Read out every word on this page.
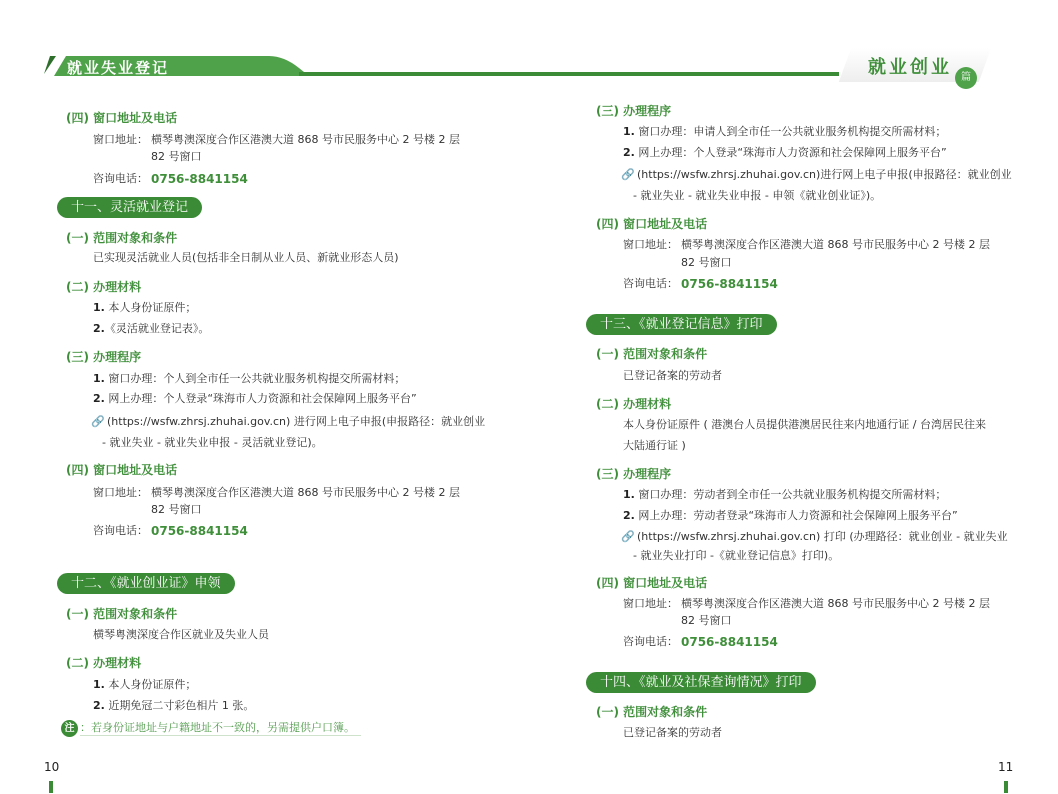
就业失业登记	就业创业 篇
(四) 窗口地址及电话
窗口地址： 横琴粤澳深度合作区港澳大道 868 号市民服务中心 2 号楼 2 层
82 号窗口
咨询电话： 0756-8841154
十一、灵活就业登记
(一) 范围对象和条件
已实现灵活就业人员(包括非全日制从业人员、新就业形态人员)
(二) 办理材料
1. 本人身份证原件；
2.《灵活就业登记表》。
(三) 办理程序
1. 窗口办理：个人到全市任一公共就业服务机构提交所需材料；
2. 网上办理：个人登录“珠海市人力资源和社会保障网上服务平台”
🔗 (https://wsfw.zhrsj.zhuhai.gov.cn) 进行网上电子申报(申报路径：就业创业
- 就业失业 - 就业失业申报 - 灵活就业登记)。
(四) 窗口地址及电话
窗口地址： 横琴粤澳深度合作区港澳大道 868 号市民服务中心 2 号楼 2 层
82 号窗口
咨询电话： 0756-8841154
十二、《就业创业证》申领
(一) 范围对象和条件
横琴粤澳深度合作区就业及失业人员
(二) 办理材料
1. 本人身份证原件；
2. 近期免冠二寸彩色相片 1 张。
注 ：若身份证地址与户籍地址不一致的，另需提供户口簿。
10
(三) 办理程序
1. 窗口办理：申请人到全市任一公共就业服务机构提交所需材料；
2. 网上办理：个人登录“珠海市人力资源和社会保障网上服务平台”
🔗 (https://wsfw.zhrsj.zhuhai.gov.cn)进行网上电子申报(申报路径：就业创业
- 就业失业 - 就业失业申报 - 申领《就业创业证》)。
(四) 窗口地址及电话
窗口地址： 横琴粤澳深度合作区港澳大道 868 号市民服务中心 2 号楼 2 层
82 号窗口
咨询电话： 0756-8841154
十三、《就业登记信息》打印
(一) 范围对象和条件
已登记备案的劳动者
(二) 办理材料
本人身份证原件 ( 港澳台人员提供港澳居民往来内地通行证 / 台湾居民往来
大陆通行证 )
(三) 办理程序
1. 窗口办理：劳动者到全市任一公共就业服务机构提交所需材料；
2. 网上办理：劳动者登录“珠海市人力资源和社会保障网上服务平台”
🔗 (https://wsfw.zhrsj.zhuhai.gov.cn) 打印 (办理路径：就业创业 - 就业失业
- 就业失业打印 -《就业登记信息》打印)。
(四) 窗口地址及电话
窗口地址： 横琴粤澳深度合作区港澳大道 868 号市民服务中心 2 号楼 2 层
82 号窗口
咨询电话： 0756-8841154
十四、《就业及社保查询情况》打印
(一) 范围对象和条件
已登记备案的劳动者
11
